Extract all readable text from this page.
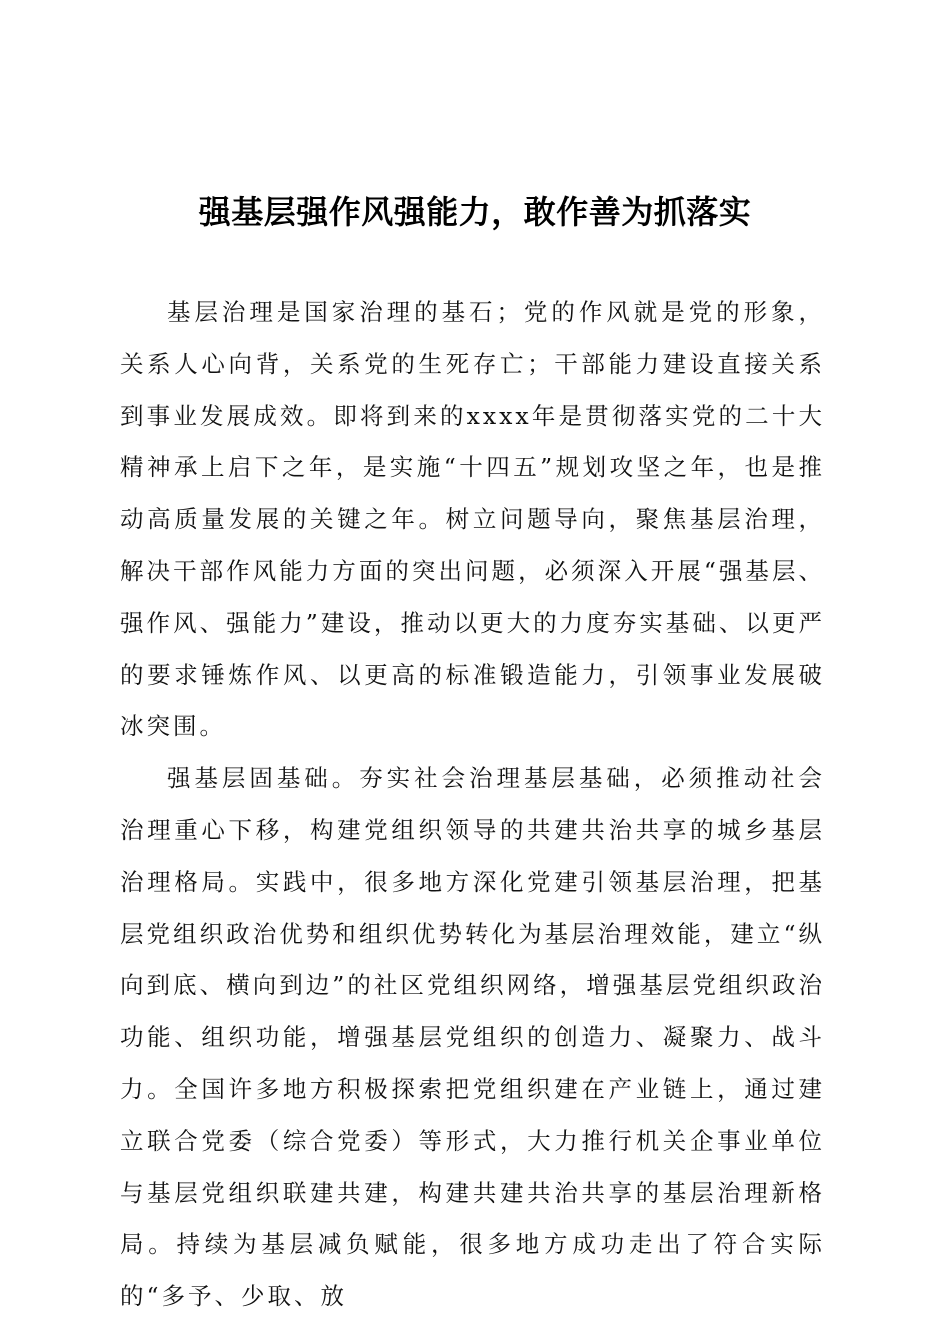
强基层强作风强能力，敢作善为抓落实

基层治理是国家治理的基石；党的作风就是党的形象，关系人心向背，关系党的生死存亡；干部能力建设直接关系到事业发展成效。即将到来的xxxx年是贯彻落实党的二十大精神承上启下之年，是实施“十四五”规划攻坚之年，也是推动高质量发展的关键之年。树立问题导向，聚焦基层治理，解决干部作风能力方面的突出问题，必须深入开展“强基层、强作风、强能力”建设，推动以更大的力度夯实基础、以更严的要求锤炼作风、以更高的标准锻造能力，引领事业发展破冰突围。

强基层固基础。夯实社会治理基层基础，必须推动社会治理重心下移，构建党组织领导的共建共治共享的城乡基层治理格局。实践中，很多地方深化党建引领基层治理，把基层党组织政治优势和组织优势转化为基层治理效能，建立“纵向到底、横向到边”的社区党组织网络，增强基层党组织政治功能、组织功能，增强基层党组织的创造力、凝聚力、战斗力。全国许多地方积极探索把党组织建在产业链上，通过建立联合党委（综合党委）等形式，大力推行机关企事业单位与基层党组织联建共建，构建共建共治共享的基层治理新格局。持续为基层减负赋能，很多地方成功走出了符合实际的“多予、少取、放
